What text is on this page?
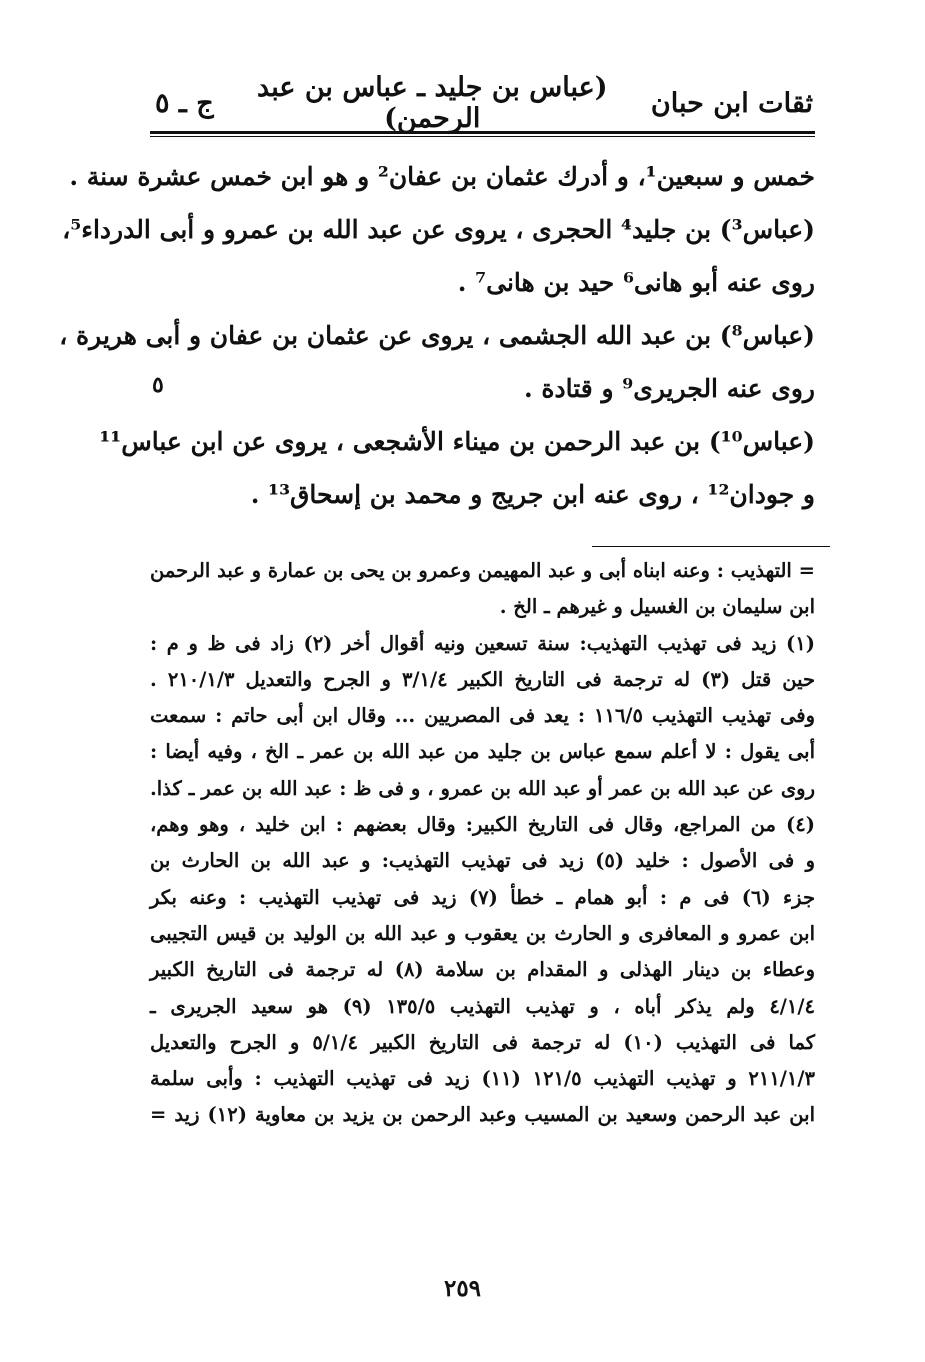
ثقات ابن حبان
(عباس بن جليد ـ عباس بن عبد الرحمن)
ج ـ ٥
خمس و سبعين¹، و أدرك عثمان بن عفان² و هو ابن خمس عشرة سنة .
(عباس³) بن جليد⁴ الحجرى ، يروى عن عبد الله بن عمرو و أبى الدرداء⁵،
روى عنه أبو هانى⁶ حيد بن هانى⁷ .
(عباس⁸) بن عبد الله الجشمى ، يروى عن عثمان بن عفان و أبى هريرة ،
روى عنه الجريرى⁹ و قتادة .
(عباس¹⁰) بن عبد الرحمن بن ميناء الأشجعى ، يروى عن ابن عباس¹¹
و جودان¹² ، روى عنه ابن جريج و محمد بن إسحاق¹³ .
٥
= التهذيب : وعنه ابناه أبى و عبد المهيمن وعمرو بن يحى بن عمارة و عبد الرحمن
ابن سليمان بن الغسيل و غيرهم ـ الخ .
(١) زيد فى تهذيب التهذيب: سنة تسعين ونيه أقوال أخر (٢) زاد فى ظ و م :
حين قتل (٣) له ترجمة فى التاريخ الكبير ٣/١/٤ و الجرح والتعديل ٢١٠/١/٣ .
وفى تهذيب التهذيب ١١٦/٥ : يعد فى المصريين ... وقال ابن أبى حاتم : سمعت
أبى يقول : لا أعلم سمع عباس بن جليد من عبد الله بن عمر ـ الخ ، وفيه أيضا :
روى عن عبد الله بن عمر أو عبد الله بن عمرو ، و فى ظ : عبد الله بن عمر ـ كذا.
(٤) من المراجع، وقال فى التاريخ الكبير: وقال بعضهم : ابن خليد ، وهو وهم،
و فى الأصول : خليد (٥) زيد فى تهذيب التهذيب: و عبد الله بن الحارث بن
جزء (٦) فى م : أبو همام ـ خطأ (٧) زيد فى تهذيب التهذيب : وعنه بكر
ابن عمرو و المعافرى و الحارث بن يعقوب و عبد الله بن الوليد بن قيس التجيبى
وعطاء بن دينار الهذلى و المقدام بن سلامة (٨) له ترجمة فى التاريخ الكبير
٤/١/٤ ولم يذكر أباه ، و تهذيب التهذيب ١٣٥/٥ (٩) هو سعيد الجريرى ـ
كما فى التهذيب (١٠) له ترجمة فى التاريخ الكبير ٥/١/٤ و الجرح والتعديل
٢١١/١/٣ و تهذيب التهذيب ١٢١/٥ (١١) زيد فى تهذيب التهذيب : وأبى سلمة
ابن عبد الرحمن وسعيد بن المسيب وعبد الرحمن بن يزيد بن معاوية (١٢) زيد =
٢٥٩
